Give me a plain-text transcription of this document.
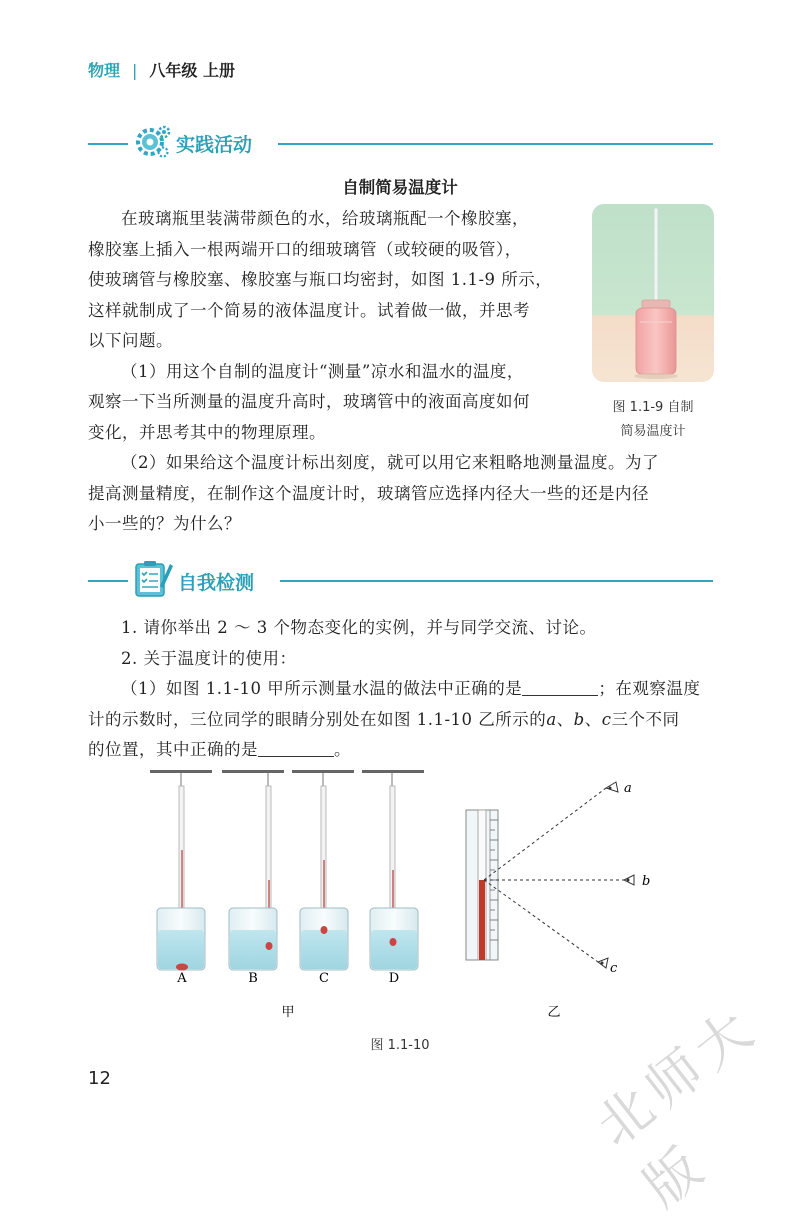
物理 | 八年级 上册
实践活动
自制简易温度计
在玻璃瓶里装满带颜色的水，给玻璃瓶配一个橡胶塞，
橡胶塞上插入一根两端开口的细玻璃管（或较硬的吸管），
使玻璃管与橡胶塞、橡胶塞与瓶口均密封，如图 1.1-9 所示，
这样就制成了一个简易的液体温度计。试着做一做，并思考
以下问题。
（1）用这个自制的温度计“测量”凉水和温水的温度，
观察一下当所测量的温度升高时，玻璃管中的液面高度如何
变化，并思考其中的物理原理。
（2）如果给这个温度计标出刻度，就可以用它来粗略地测量温度。为了
提高测量精度，在制作这个温度计时，玻璃管应选择内径大一些的还是内径
小一些的？为什么？
图 1.1-9 自制
简易温度计
自我检测
1. 请你举出 2 ～ 3 个物态变化的实例，并与同学交流、讨论。
2. 关于温度计的使用：
（1）如图 1.1-10 甲所示测量水温的做法中正确的是	；在观察温度
计的示数时，三位同学的眼睛分别处在如图 1.1-10 乙所示的a、b、c三个不同
的位置，其中正确的是	。
A	B	C	D
甲
a
b
c
乙
图 1.1-10
12	北师大版
